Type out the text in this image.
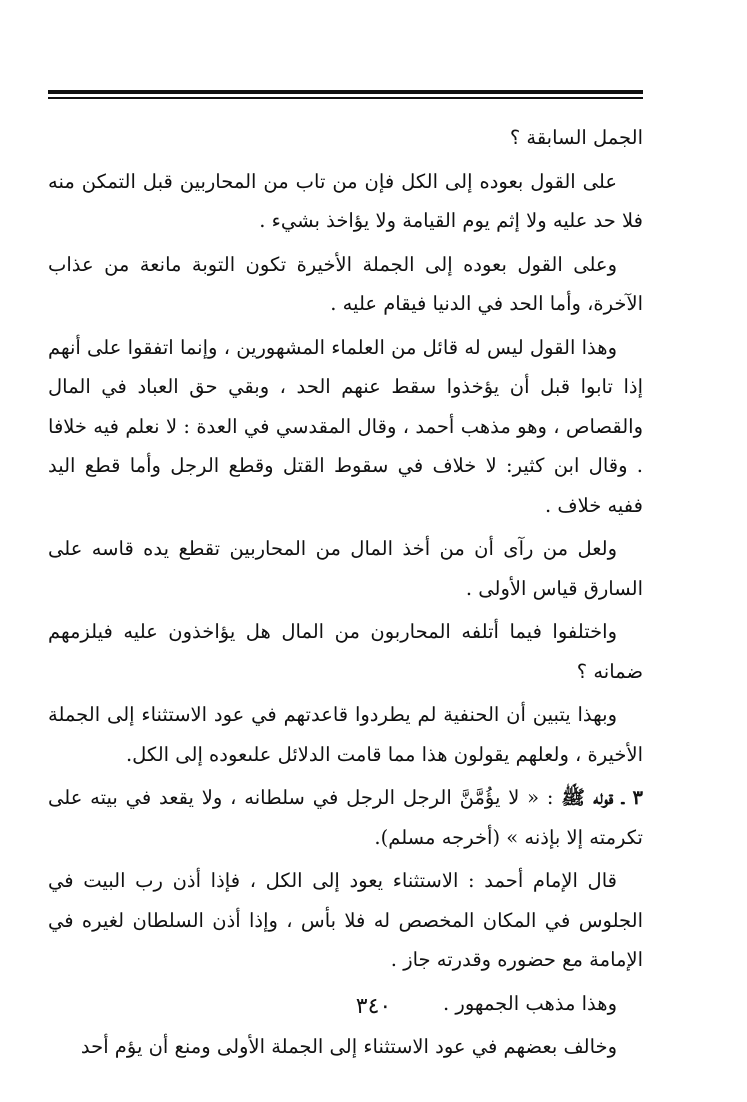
الجمل السابقة ؟

على القول بعوده إلى الكل فإن من تاب من المحاربين قبل التمكن منه فلا حد عليه ولا إثم يوم القيامة ولا يؤاخذ بشيء .

وعلى القول بعوده إلى الجملة الأخيرة تكون التوبة مانعة من عذاب الآخرة، وأما الحد في الدنيا فيقام عليه .

وهذا القول ليس له قائل من العلماء المشهورين ، وإنما اتفقوا على أنهم إذا تابوا قبل أن يؤخذوا سقط عنهم الحد ، وبقي حق العباد في المال والقصاص ، وهو مذهب أحمد ، وقال المقدسي في العدة : لا نعلم فيه خلافا . وقال ابن كثير: لا خلاف في سقوط القتل وقطع الرجل وأما قطع اليد ففيه خلاف .

ولعل من رآى أن من أخذ المال من المحاربين تقطع يده قاسه على السارق قياس الأولى .

واختلفوا فيما أتلفه المحاربون من المال هل يؤاخذون عليه فيلزمهم ضمانه ؟

وبهذا يتبين أن الحنفية لم يطردوا قاعدتهم في عود الاستثناء إلى الجملة الأخيرة ، ولعلهم يقولون هذا مما قامت الدلائل علىعوده إلى الكل.

٣ ـ قوله ﷺ : « لا يؤُمَّنَّ الرجل الرجل في سلطانه ، ولا يقعد في بيته على تكرمته إلا بإذنه » (أخرجه مسلم).

قال الإمام أحمد : الاستثناء يعود إلى الكل ، فإذا أذن رب البيت في الجلوس في المكان المخصص له فلا بأس ، وإذا أذن السلطان لغيره في الإمامة مع حضوره وقدرته جاز .

وهذا مذهب الجمهور .

وخالف بعضهم في عود الاستثناء إلى الجملة الأولى ومنع أن يؤم أحد

٣٤٠
